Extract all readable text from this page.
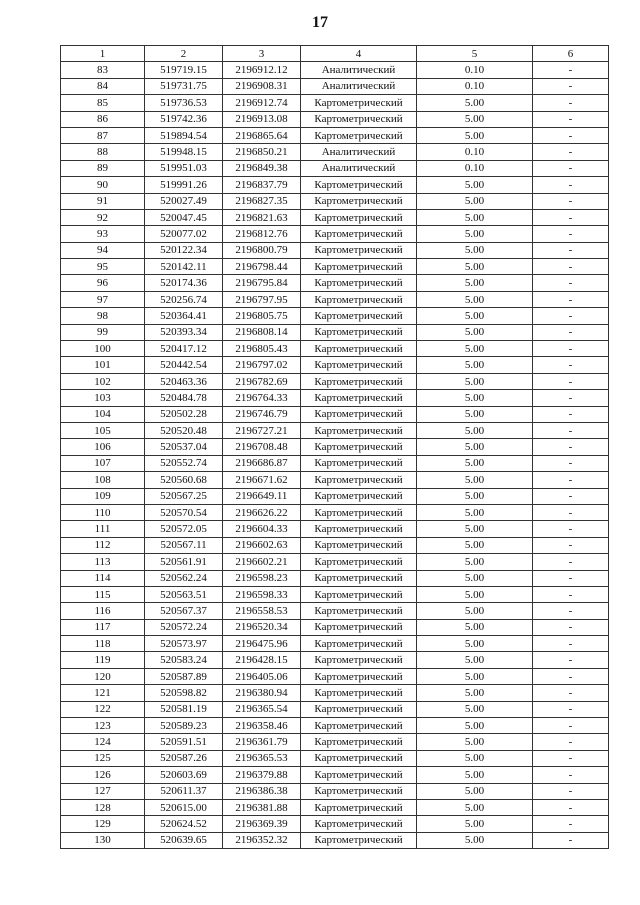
17
1	2	3	4	5	6
83	519719.15	2196912.12	Аналитический	0.10	-
84	519731.75	2196908.31	Аналитический	0.10	-
85	519736.53	2196912.74	Картометрический	5.00	-
86	519742.36	2196913.08	Картометрический	5.00	-
87	519894.54	2196865.64	Картометрический	5.00	-
88	519948.15	2196850.21	Аналитический	0.10	-
89	519951.03	2196849.38	Аналитический	0.10	-
90	519991.26	2196837.79	Картометрический	5.00	-
91	520027.49	2196827.35	Картометрический	5.00	-
92	520047.45	2196821.63	Картометрический	5.00	-
93	520077.02	2196812.76	Картометрический	5.00	-
94	520122.34	2196800.79	Картометрический	5.00	-
95	520142.11	2196798.44	Картометрический	5.00	-
96	520174.36	2196795.84	Картометрический	5.00	-
97	520256.74	2196797.95	Картометрический	5.00	-
98	520364.41	2196805.75	Картометрический	5.00	-
99	520393.34	2196808.14	Картометрический	5.00	-
100	520417.12	2196805.43	Картометрический	5.00	-
101	520442.54	2196797.02	Картометрический	5.00	-
102	520463.36	2196782.69	Картометрический	5.00	-
103	520484.78	2196764.33	Картометрический	5.00	-
104	520502.28	2196746.79	Картометрический	5.00	-
105	520520.48	2196727.21	Картометрический	5.00	-
106	520537.04	2196708.48	Картометрический	5.00	-
107	520552.74	2196686.87	Картометрический	5.00	-
108	520560.68	2196671.62	Картометрический	5.00	-
109	520567.25	2196649.11	Картометрический	5.00	-
110	520570.54	2196626.22	Картометрический	5.00	-
111	520572.05	2196604.33	Картометрический	5.00	-
112	520567.11	2196602.63	Картометрический	5.00	-
113	520561.91	2196602.21	Картометрический	5.00	-
114	520562.24	2196598.23	Картометрический	5.00	-
115	520563.51	2196598.33	Картометрический	5.00	-
116	520567.37	2196558.53	Картометрический	5.00	-
117	520572.24	2196520.34	Картометрический	5.00	-
118	520573.97	2196475.96	Картометрический	5.00	-
119	520583.24	2196428.15	Картометрический	5.00	-
120	520587.89	2196405.06	Картометрический	5.00	-
121	520598.82	2196380.94	Картометрический	5.00	-
122	520581.19	2196365.54	Картометрический	5.00	-
123	520589.23	2196358.46	Картометрический	5.00	-
124	520591.51	2196361.79	Картометрический	5.00	-
125	520587.26	2196365.53	Картометрический	5.00	-
126	520603.69	2196379.88	Картометрический	5.00	-
127	520611.37	2196386.38	Картометрический	5.00	-
128	520615.00	2196381.88	Картометрический	5.00	-
129	520624.52	2196369.39	Картометрический	5.00	-
130	520639.65	2196352.32	Картометрический	5.00	-
